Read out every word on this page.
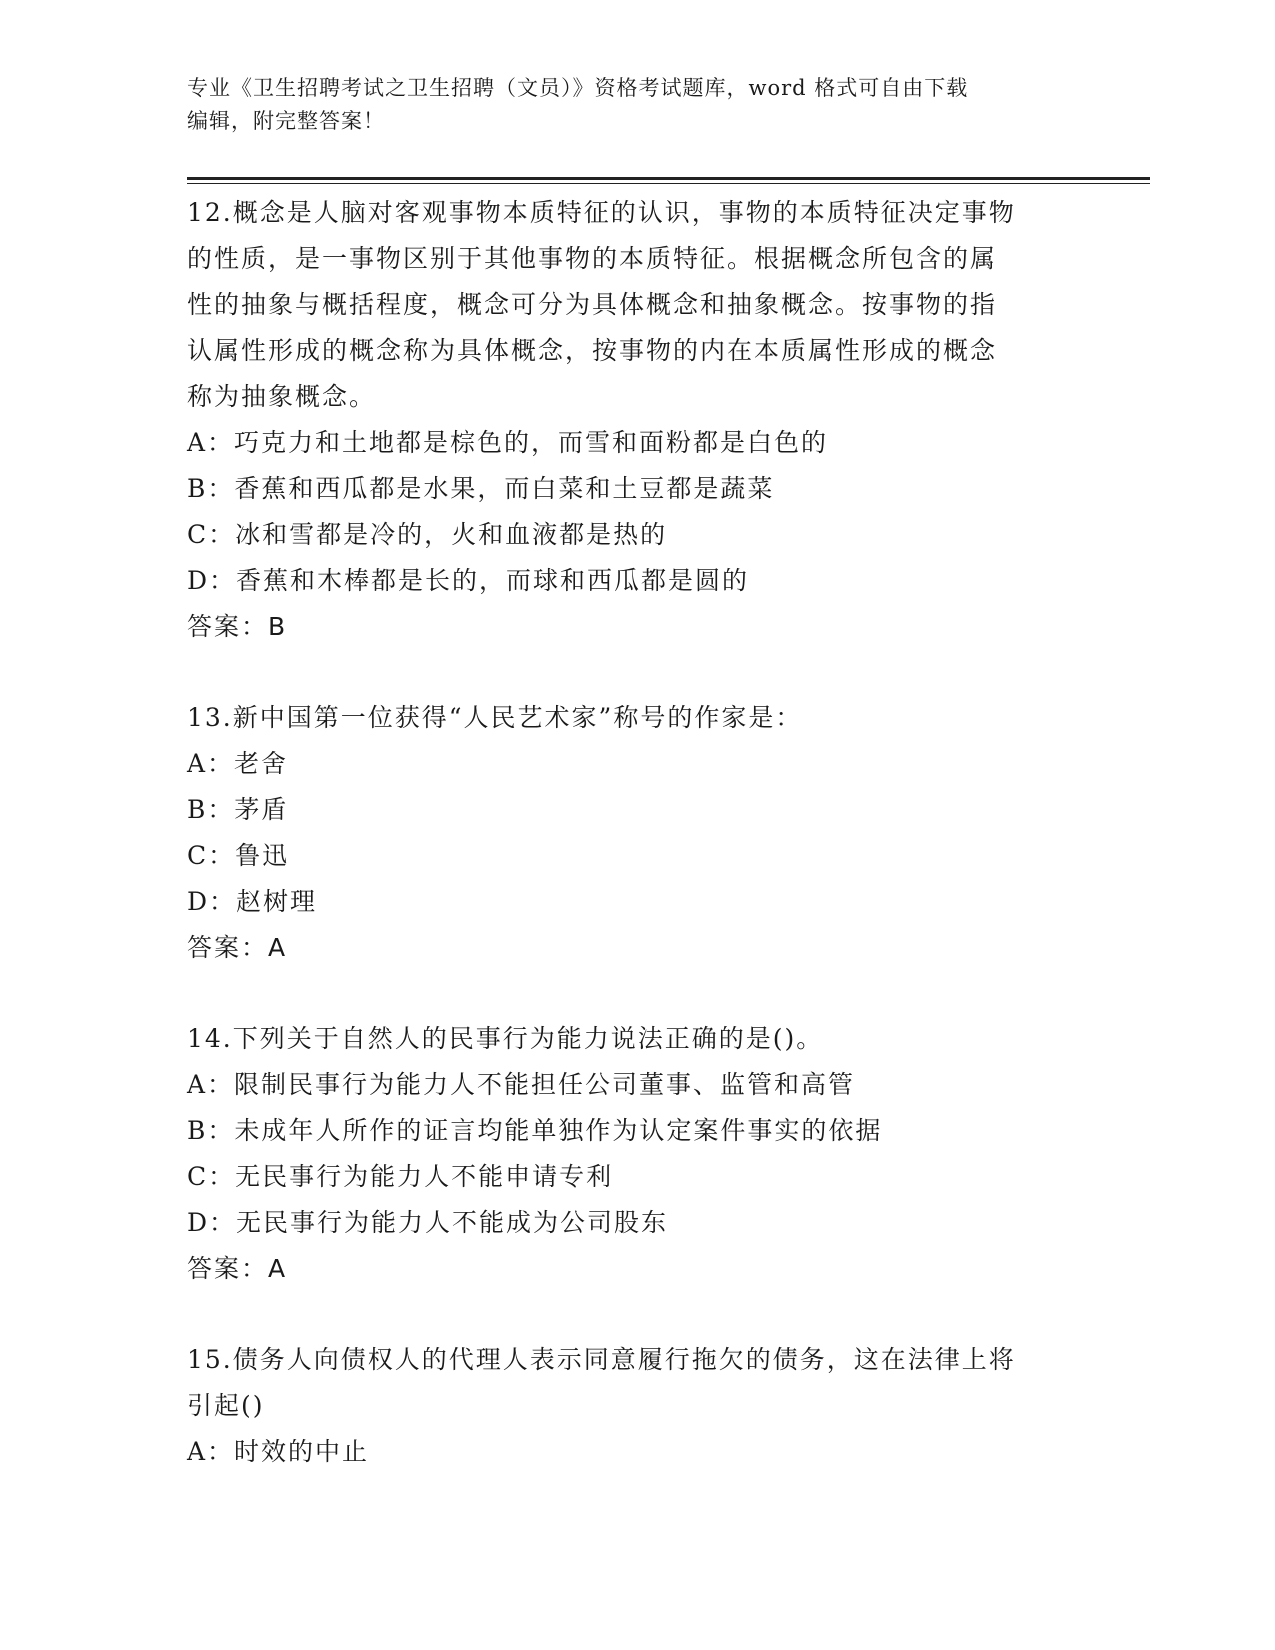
专业《卫生招聘考试之卫生招聘（文员）》资格考试题库，word 格式可自由下载
编辑，附完整答案！

12.概念是人脑对客观事物本质特征的认识，事物的本质特征决定事物

的性质，是一事物区别于其他事物的本质特征。根据概念所包含的属

性的抽象与概括程度，概念可分为具体概念和抽象概念。按事物的指

认属性形成的概念称为具体概念，按事物的内在本质属性形成的概念

称为抽象概念。

A：巧克力和土地都是棕色的，而雪和面粉都是白色的

B：香蕉和西瓜都是水果，而白菜和土豆都是蔬菜

C：冰和雪都是冷的，火和血液都是热的

D：香蕉和木棒都是长的，而球和西瓜都是圆的

答案：B

13.新中国第一位获得“人民艺术家”称号的作家是：

A：老舍

B：茅盾

C：鲁迅

D：赵树理

答案：A

14.下列关于自然人的民事行为能力说法正确的是()。

A：限制民事行为能力人不能担任公司董事、监管和高管

B：未成年人所作的证言均能单独作为认定案件事实的依据

C：无民事行为能力人不能申请专利

D：无民事行为能力人不能成为公司股东

答案：A

15.债务人向债权人的代理人表示同意履行拖欠的债务，这在法律上将

引起()

A：时效的中止
